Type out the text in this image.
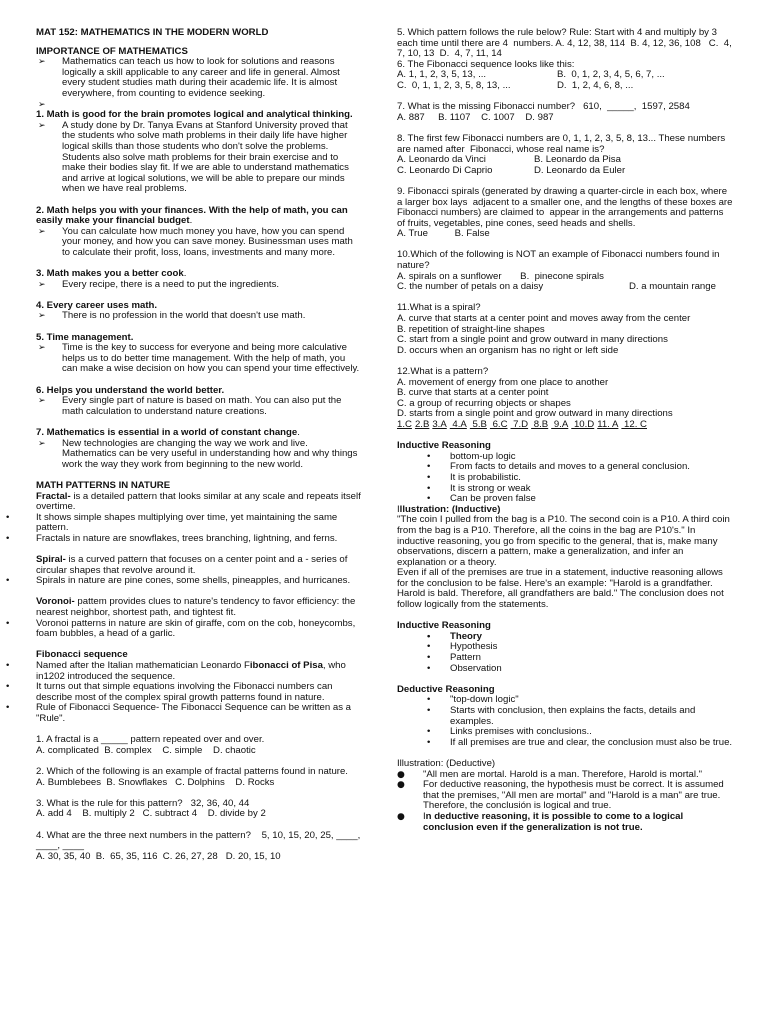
MAT 152: MATHEMATICS IN THE MODERN WORLD

IMPORTANCE OF MATHEMATICS

➢ Mathematics can teach us how to look for solutions and reasons logically a skill applicable to any career and life in general. Almost every student studies math during their academic life. It is almost everywhere, from counting to evidence seeking.

➢

1. Math is good for the brain promotes logical and analytical thinking.

➢ A study done by Dr. Tanya Evans at Stanford University proved that the students who solve math problems in their daily life have higher logical skills than those students who don't solve the problems. Students also solve math problems for their brain exercise and to make their bodies slay fit. If we are able to understand mathematics and arrive at logical solutions, we will be able to prepare our minds when we have real problems.

2. Math helps you with your finances. With the help of math, you can easily make your financial budget.

➢ You can calculate how much money you have, how you can spend your money, and how you can save money. Businessman uses math to calculate their profit, loss, loans, investments and many more.

3. Math makes you a better cook.

➢ Every recipe, there is a need to put the ingredients.

4. Every career uses math.

➢ There is no profession in the world that doesn't use math.

5. Time management.

➢ Time is the key to success for everyone and being more calculative helps us to do better time management. With the help of math, you can make a wise decision on how you can spend your time effectively.

6. Helps you understand the world better.

➢ Every single part of nature is based on math. You can also put the math calculation to understand nature creations.

7. Mathematics is essential in a world of constant change.

➢ New technologies are changing the way we work and live. Mathematics can be very useful in understanding how and why things work the way they work from beginning to the new world.

MATH PATTERNS IN NATURE

Fractal- is a detailed pattern that looks similar at any scale and repeats itself overtime.

• It shows simple shapes multiplying over time, yet maintaining the same pattern.

• Fractals in nature are snowflakes, trees branching, lightning, and ferns.

Spiral- is a curved pattern that focuses on a center point and a - series of circular shapes that revolve around it.

• Spirals in nature are pine cones, some shells, pineapples, and hurricanes.

Voronoi- pattem provides clues to nature's tendency to favor efficiency: the nearest neighbor, shortest path, and tightest fit.

• Voronoi patterns in nature are skin of giraffe, com on the cob, honeycombs, foam bubbles, a head of a garlic.

Fibonacci sequence

• Named after the Italian mathematician Leonardo Fibonacci of Pisa, who in1202 introduced the sequence.

• It turns out that simple equations involving the Fibonacci numbers can describe most of the complex spiral growth patterns found in nature.

• Rule of Fibonacci Sequence- The Fibonacci Sequence can be written as a "Rule".

1. A fractal is a _____ pattern repeated over and over.

A. complicated  B. complex    C. simple    D. chaotic

2. Which of the following is an example of fractal patterns found in nature.

A. Bumblebees  B. Snowflakes   C. Dolphins    D. Rocks

3. What is the rule for this pattern?   32, 36, 40, 44

A. add 4    B. multiply 2   C. subtract 4    D. divide by 2

4. What are the three next numbers in the pattern?    5, 10, 15, 20, 25, ____, ____, ____

A. 30, 35, 40  B.  65, 35, 116  C. 26, 27, 28   D. 20, 15, 10

5. Which pattern follows the rule below? Rule: Start with 4 and multiply by 3 each time until there are 4  numbers. A. 4, 12, 38, 114  B. 4, 12, 36, 108   C.  4, 7, 10, 13  D.  4, 7, 11, 14

6. The Fibonacci sequence looks like this:

A. 1, 1, 2, 3, 5, 13, ...	B.  0, 1, 2, 3, 4, 5, 6, 7, ...
C.  0, 1, 1, 2, 3, 5, 8, 13, ...	D.  1, 2, 4, 6, 8, ...

7. What is the missing Fibonacci number?   610,  _____,  1597, 2584

A. 887     B. 1107    C. 1007    D. 987

8. The first few Fibonacci numbers are 0, 1, 1, 2, 3, 5, 8, 13... These numbers are named after  Fibonacci, whose real name is?

A. Leonardo da Vinci	B. Leonardo da Pisa
C. Leonardo Di Caprio	D. Leonardo da Euler

9. Fibonacci spirals (generated by drawing a quarter-circle in each box, where a larger box lays  adjacent to a smaller one, and the lengths of these boxes are Fibonacci numbers) are claimed to  appear in the arrangements and patterns of fruits, vegetables, pine cones, seed heads and shells.

A. True          B. False

10.Which of the following is NOT an example of Fibonacci numbers found in nature?

A. spirals on a sunflower       B.  pinecone spirals

C. the number of petals on a daisy	D. a mountain range

11.What is a spiral?

A. curve that starts at a center point and moves away from the center

B. repetition of straight-line shapes

C. start from a single point and grow outward in many directions

D. occurs when an organism has no right or left side

12.What is a pattern?

A. movement of energy from one place to another

B. curve that starts at a center point

C. a group of recurring objects or shapes

D. starts from a single point and grow outward in many directions

1.C 2.B 3.A 4.A 5.B 6.C 7.D 8.B 9.A 10.D 11. A 12. C

Inductive Reasoning

• bottom-up logic

• From facts to details and moves to a general conclusion.

• It is probabilistic.

• It is strong or weak

• Can be proven false

Illustration: (Inductive)

"The coin I pulled from the bag is a P10. The second coin is a P10. A third coin from the bag is a P10. Therefore, all the coins in the bag are P10's." In inductive reasoning, you go from specific to the general, that is, make many observations, discern a pattern, make a generalization, and infer an explanation or a theory.

Even if all of the premises are true in a statement, inductive reasoning allows for the conclusion to be false. Here's an example: "Harold is a grandfather. Harold is bald. Therefore, all grandfathers are bald." The conclusion does not follow logically from the statements.

Inductive Reasoning

• Theory

• Hypothesis

• Pattern

• Observation

Deductive Reasoning

• "top-down logic"

• Starts with conclusion, then explains the facts, details and examples.

• Links premises with conclusions..

• If all premises are true and clear, the conclusion must also be true.

Illustration: (Deductive)

● "All men are mortal. Harold is a man. Therefore, Harold is mortal."

● For deductive reasoning, the hypothesis must be correct. It is assumed that the premises, "All men are mortal" and "Harold is a man" are true. Therefore, the conclusión is logical and true.

● In deductive reasoning, it is possible to come to a logical conclusion even if the generalization is not true.
